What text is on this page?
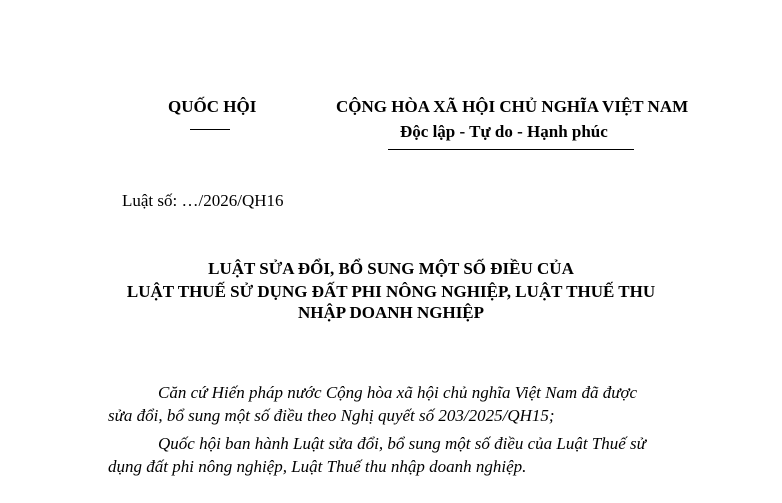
QUỐC HỘI	CỘNG HÒA XÃ HỘI CHỦ NGHĨA VIỆT NAM
Độc lập - Tự do - Hạnh phúc
Luật số: …/2026/QH16
LUẬT SỬA ĐỔI, BỔ SUNG MỘT SỐ ĐIỀU CỦA
LUẬT THUẾ SỬ DỤNG ĐẤT PHI NÔNG NGHIỆP, LUẬT THUẾ THU
NHẬP DOANH NGHIỆP
Căn cứ Hiến pháp nước Cộng hòa xã hội chủ nghĩa Việt Nam đã được
sửa đổi, bổ sung một số điều theo Nghị quyết số 203/2025/QH15;
Quốc hội ban hành Luật sửa đổi, bổ sung một số điều của Luật Thuế sử
dụng đất phi nông nghiệp, Luật Thuế thu nhập doanh nghiệp.
